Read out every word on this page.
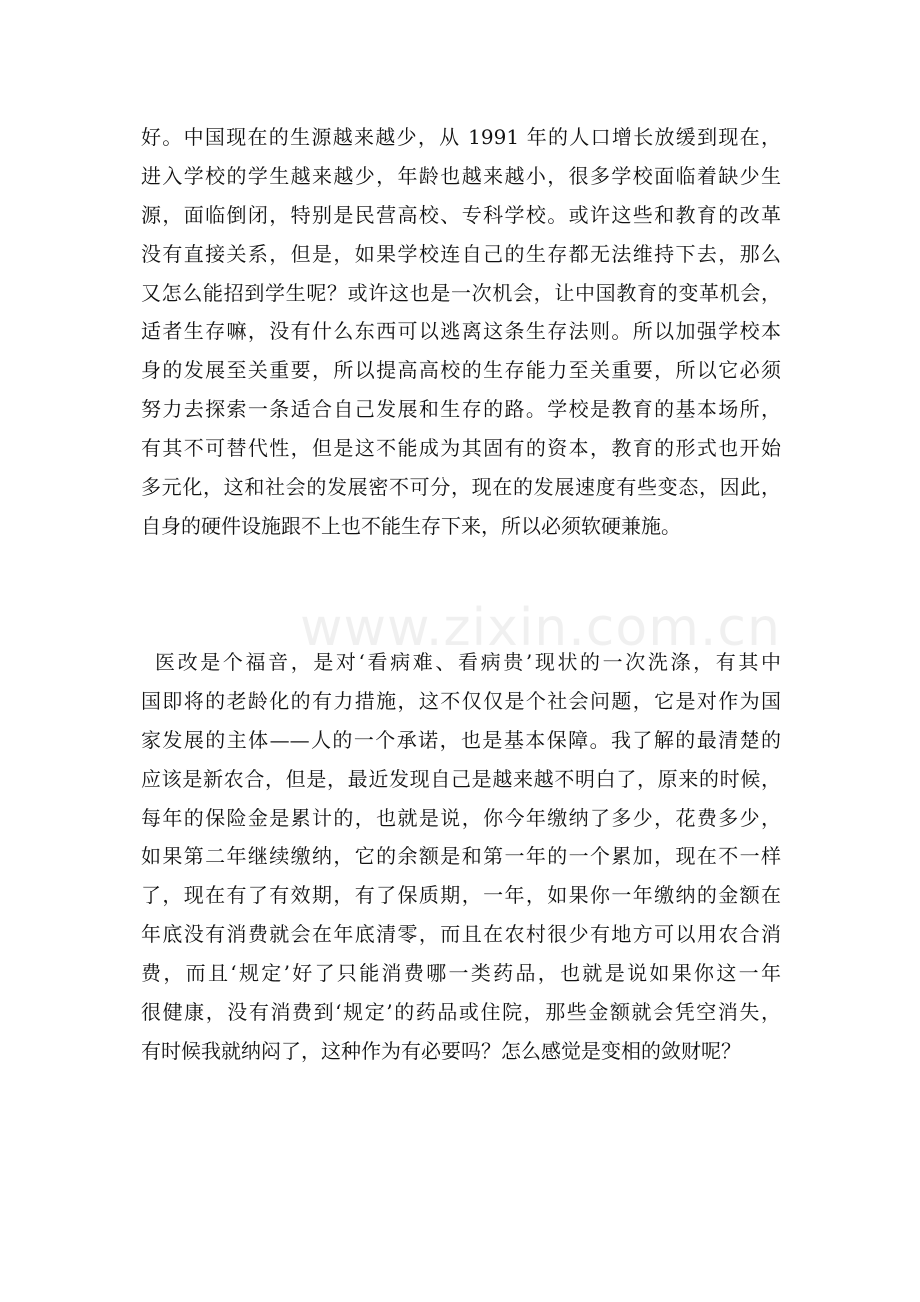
www.zixin.com.cn
好。中国现在的生源越来越少，从 1991 年的人口增长放缓到现在，
进入学校的学生越来越少，年龄也越来越小，很多学校面临着缺少生
源，面临倒闭，特别是民营高校、专科学校。或许这些和教育的改革
没有直接关系，但是，如果学校连自己的生存都无法维持下去，那么
又怎么能招到学生呢？或许这也是一次机会，让中国教育的变革机会，
适者生存嘛，没有什么东西可以逃离这条生存法则。所以加强学校本
身的发展至关重要，所以提高高校的生存能力至关重要，所以它必须
努力去探索一条适合自己发展和生存的路。学校是教育的基本场所，
有其不可替代性，但是这不能成为其固有的资本，教育的形式也开始
多元化，这和社会的发展密不可分，现在的发展速度有些变态，因此，
自身的硬件设施跟不上也不能生存下来，所以必须软硬兼施。
医改是个福音，是对‘看病难、看病贵’现状的一次洗涤，有其中
国即将的老龄化的有力措施，这不仅仅是个社会问题，它是对作为国
家发展的主体——人的一个承诺，也是基本保障。我了解的最清楚的
应该是新农合，但是，最近发现自己是越来越不明白了，原来的时候，
每年的保险金是累计的，也就是说，你今年缴纳了多少，花费多少，
如果第二年继续缴纳，它的余额是和第一年的一个累加，现在不一样
了，现在有了有效期，有了保质期，一年，如果你一年缴纳的金额在
年底没有消费就会在年底清零，而且在农村很少有地方可以用农合消
费，而且‘规定’好了只能消费哪一类药品，也就是说如果你这一年
很健康，没有消费到‘规定’的药品或住院，那些金额就会凭空消失，
有时候我就纳闷了，这种作为有必要吗？怎么感觉是变相的敛财呢？
